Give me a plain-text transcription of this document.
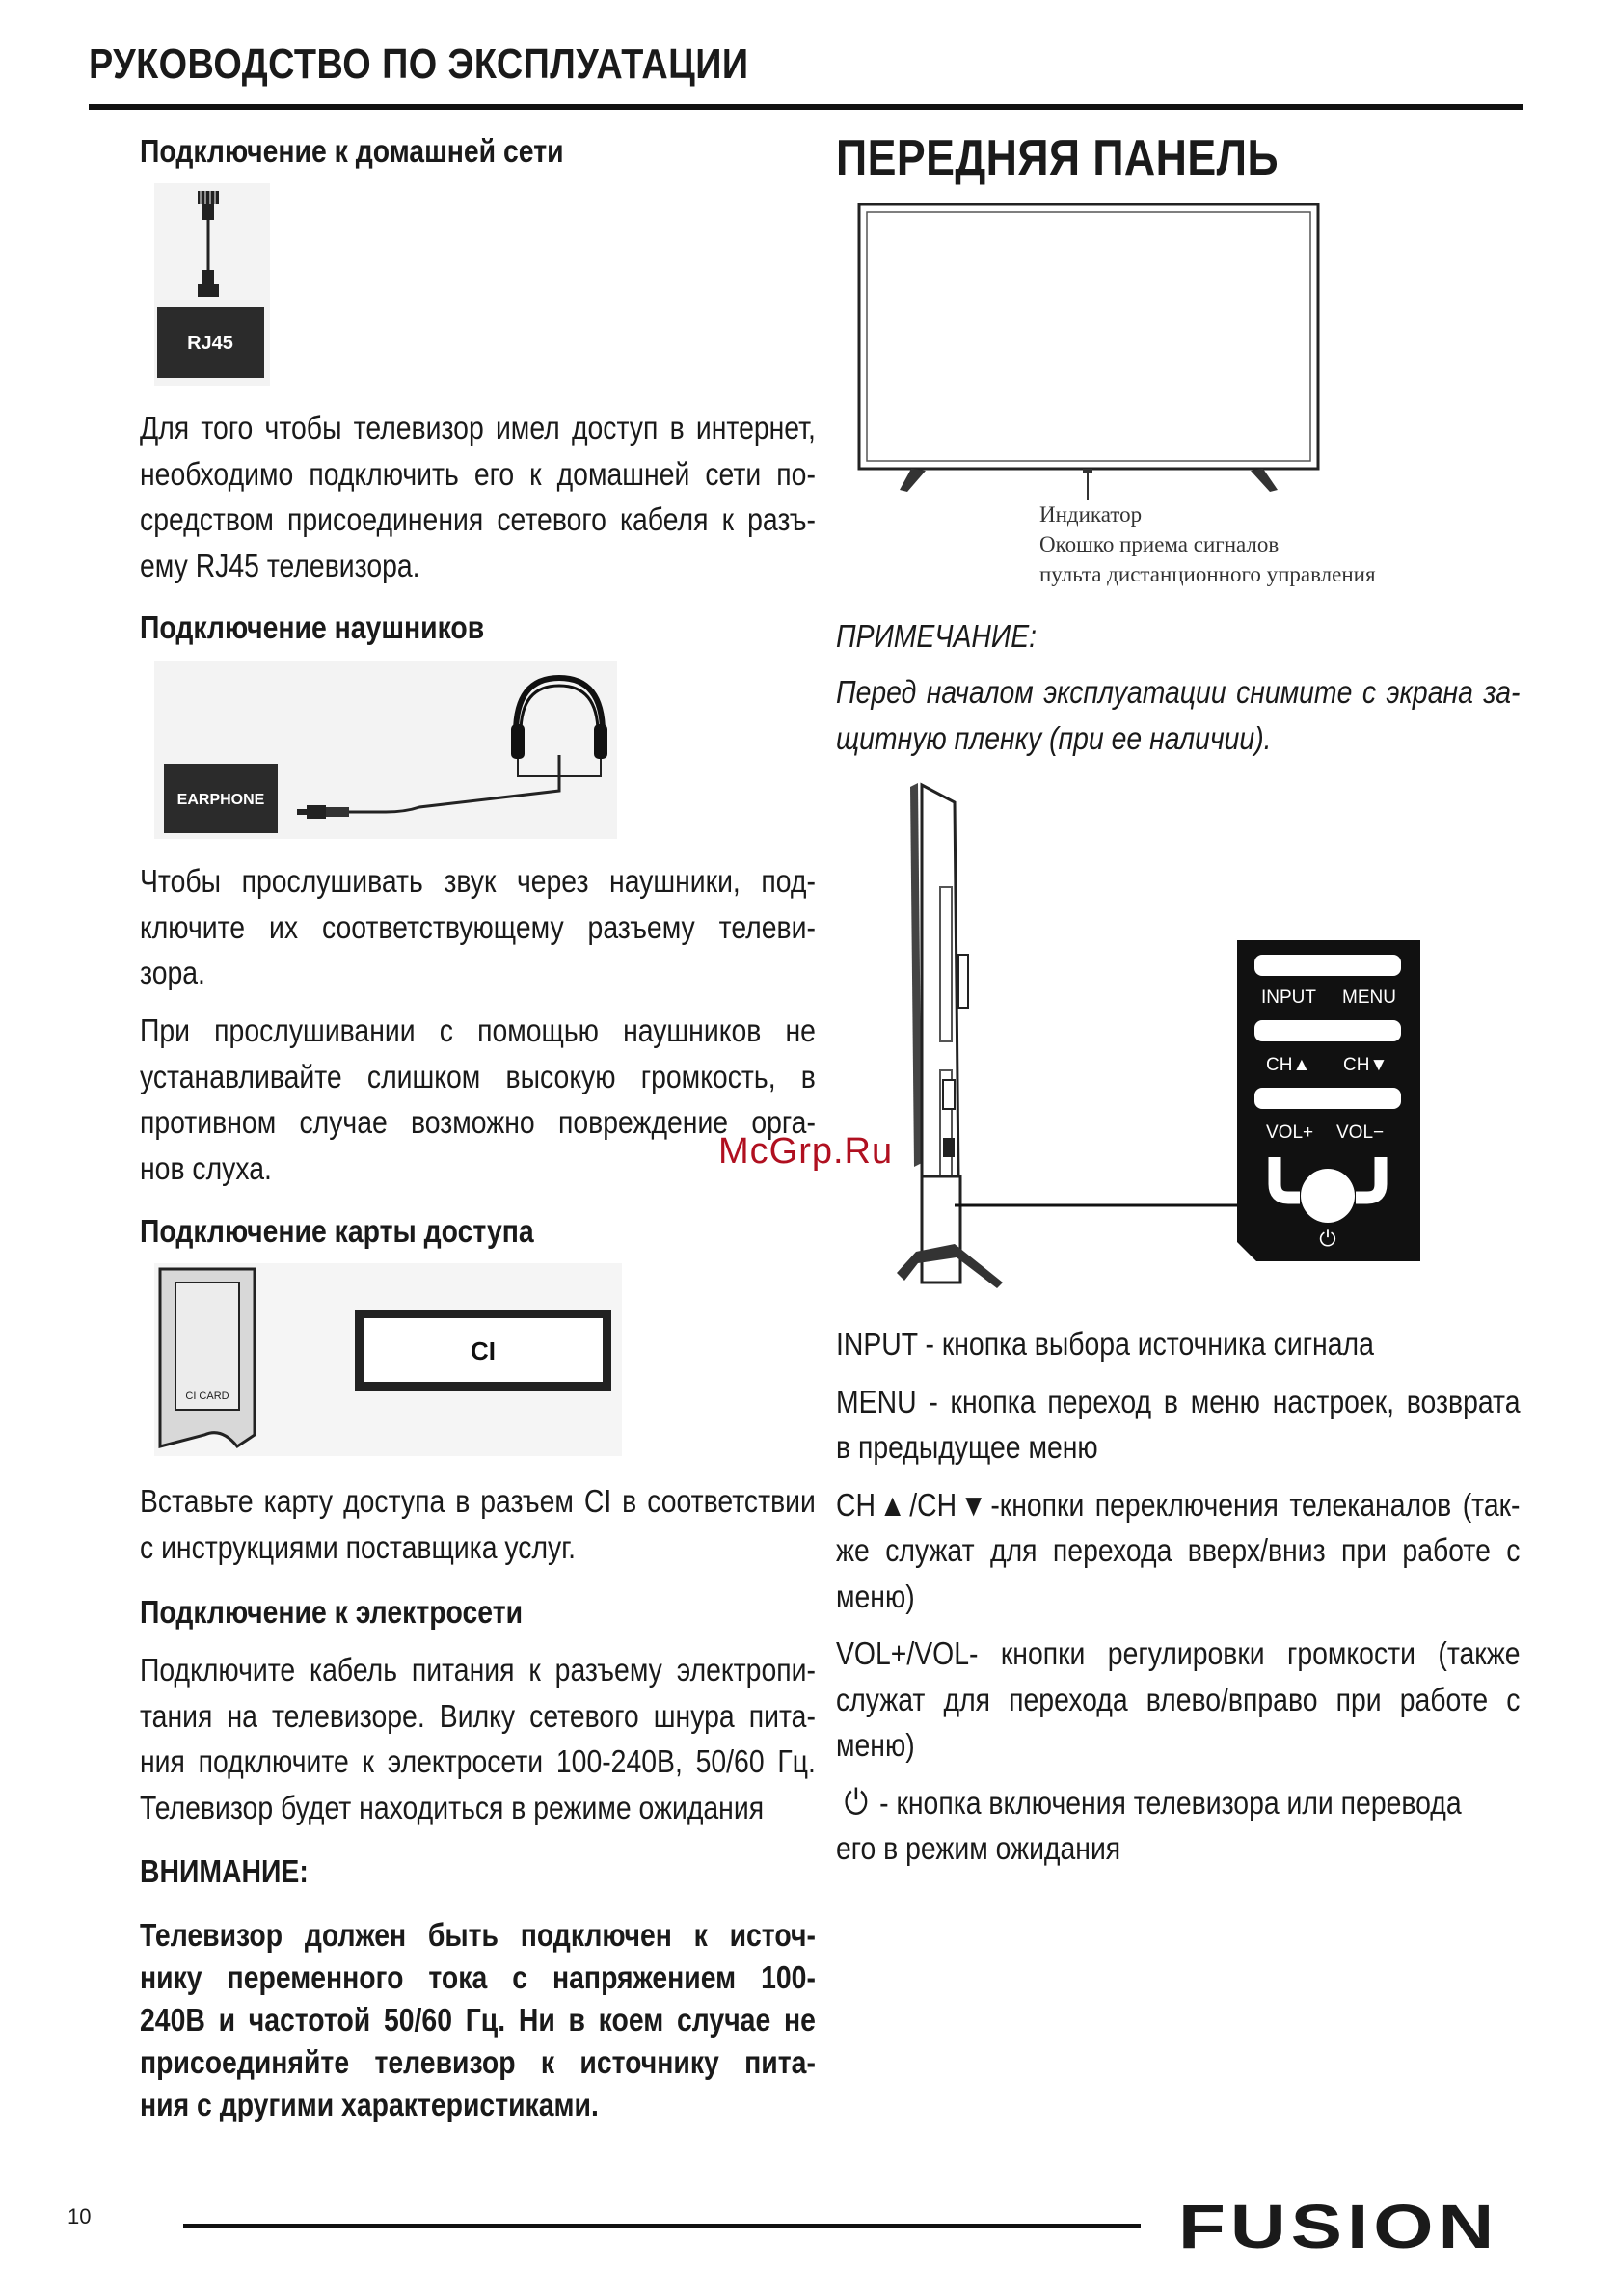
РУКОВОДСТВО ПО ЭКСПЛУАТАЦИИ
Подключение к домашней сети
RJ45
Для того чтобы телевизор имел доступ в интернет,
необходимо подключить его к домашней сети по-
средством присоединения сетевого кабеля к разъ-
ему RJ45 телевизора.
Подключение наушников
EARPHONE
Чтобы прослушивать звук через наушники, под-
ключите их соответствующему разъему телеви-
зора.
При прослушивании с помощью наушников не
устанавливайте слишком высокую громкость, в
противном случае возможно повреждение орга-
нов слуха.
Подключение карты доступа
CI CARD
CI
Вставьте карту доступа в разъем CI в соответствии
с инструкциями поставщика услуг.
Подключение к электросети
Подключите кабель питания к разъему электропи-
тания на телевизоре. Вилку сетевого шнура пита-
ния подключите к электросети 100-240В, 50/60 Гц.
Телевизор будет находиться в режиме ожидания
ВНИМАНИЕ:
Телевизор должен быть подключен к источ-
нику переменного тока с напряжением 100-
240В и частотой 50/60 Гц. Ни в коем случае не
присоединяйте телевизор к источнику пита-
ния с другими характеристиками.
ПЕРЕДНЯЯ ПАНЕЛЬ
Индикатор
Окошко приема сигналов
пульта дистанционного управления
ПРИМЕЧАНИЕ:
Перед началом эксплуатации снимите с экрана за-
щитную пленку (при ее наличии).
INPUT MENU
CH▲ CH▼
VOL+ VOL−
⏻
INPUT - кнопка выбора источника сигнала
MENU - кнопка переход в меню настроек, возврата
в предыдущее меню
CH▲/CH▼-кнопки переключения телеканалов (так-
же служат для перехода вверх/вниз при работе с
меню)
VOL+/VOL- кнопки регулировки громкости (также
служат для перехода влево/вправо при работе с
меню)
⏻ - кнопка включения телевизора или перевода
его в режим ожидания
McGrp.Ru
10	FUSION
